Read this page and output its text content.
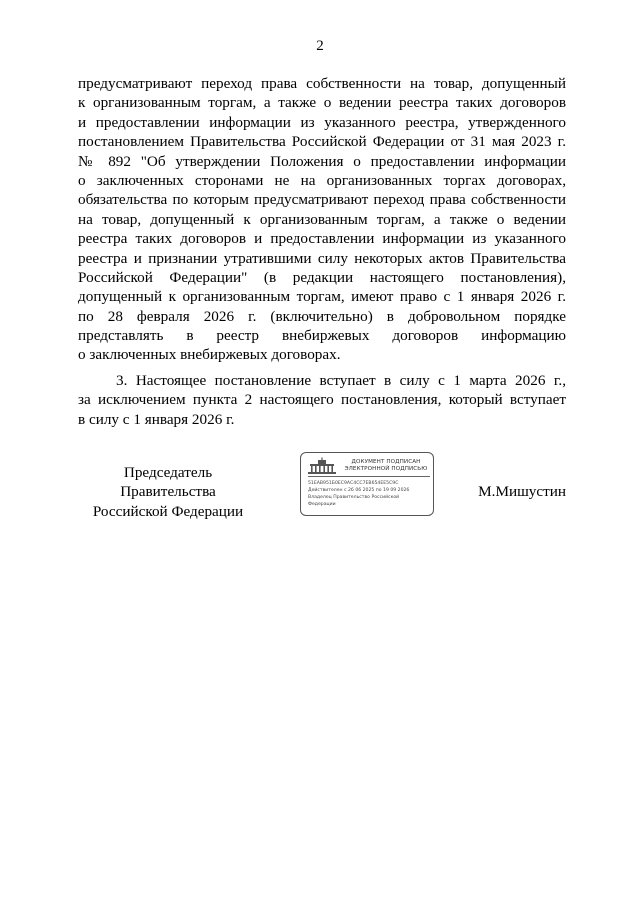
2
предусматривают переход права собственности на товар, допущенный
к организованным торгам, а также о ведении реестра таких договоров
и предоставлении информации из указанного реестра, утвержденного
постановлением Правительства Российской Федерации от 31 мая 2023 г.
№ 892 "Об утверждении Положения о предоставлении информации
о заключенных сторонами не на организованных торгах договорах,
обязательства по которым предусматривают переход права собственности
на товар, допущенный к организованным торгам, а также о ведении
реестра таких договоров и предоставлении информации из указанного
реестра и признании утратившими силу некоторых актов Правительства
Российской Федерации" (в редакции настоящего постановления),
допущенный к организованным торгам, имеют право с 1 января 2026 г.
по 28 февраля 2026 г. (включительно) в добровольном порядке
представлять в реестр внебиржевых договоров информацию
о заключенных внебиржевых договорах.
3. Настоящее постановление вступает в силу с 1 марта 2026 г.,
за исключением пункта 2 настоящего постановления, который вступает
в силу с 1 января 2026 г.
Председатель Правительства
Российской Федерации
М.Мишустин
ДОКУМЕНТ ПОДПИСАН
ЭЛЕКТРОННОЙ ПОДПИСЬЮ
51ЕАВ951Б0ЕС9АС4СС7ЕВ654ЕЕ5С9С
Действителен с 26 06 2025 по 19 09 2026
Владелец Правительство Российской
Федерации
